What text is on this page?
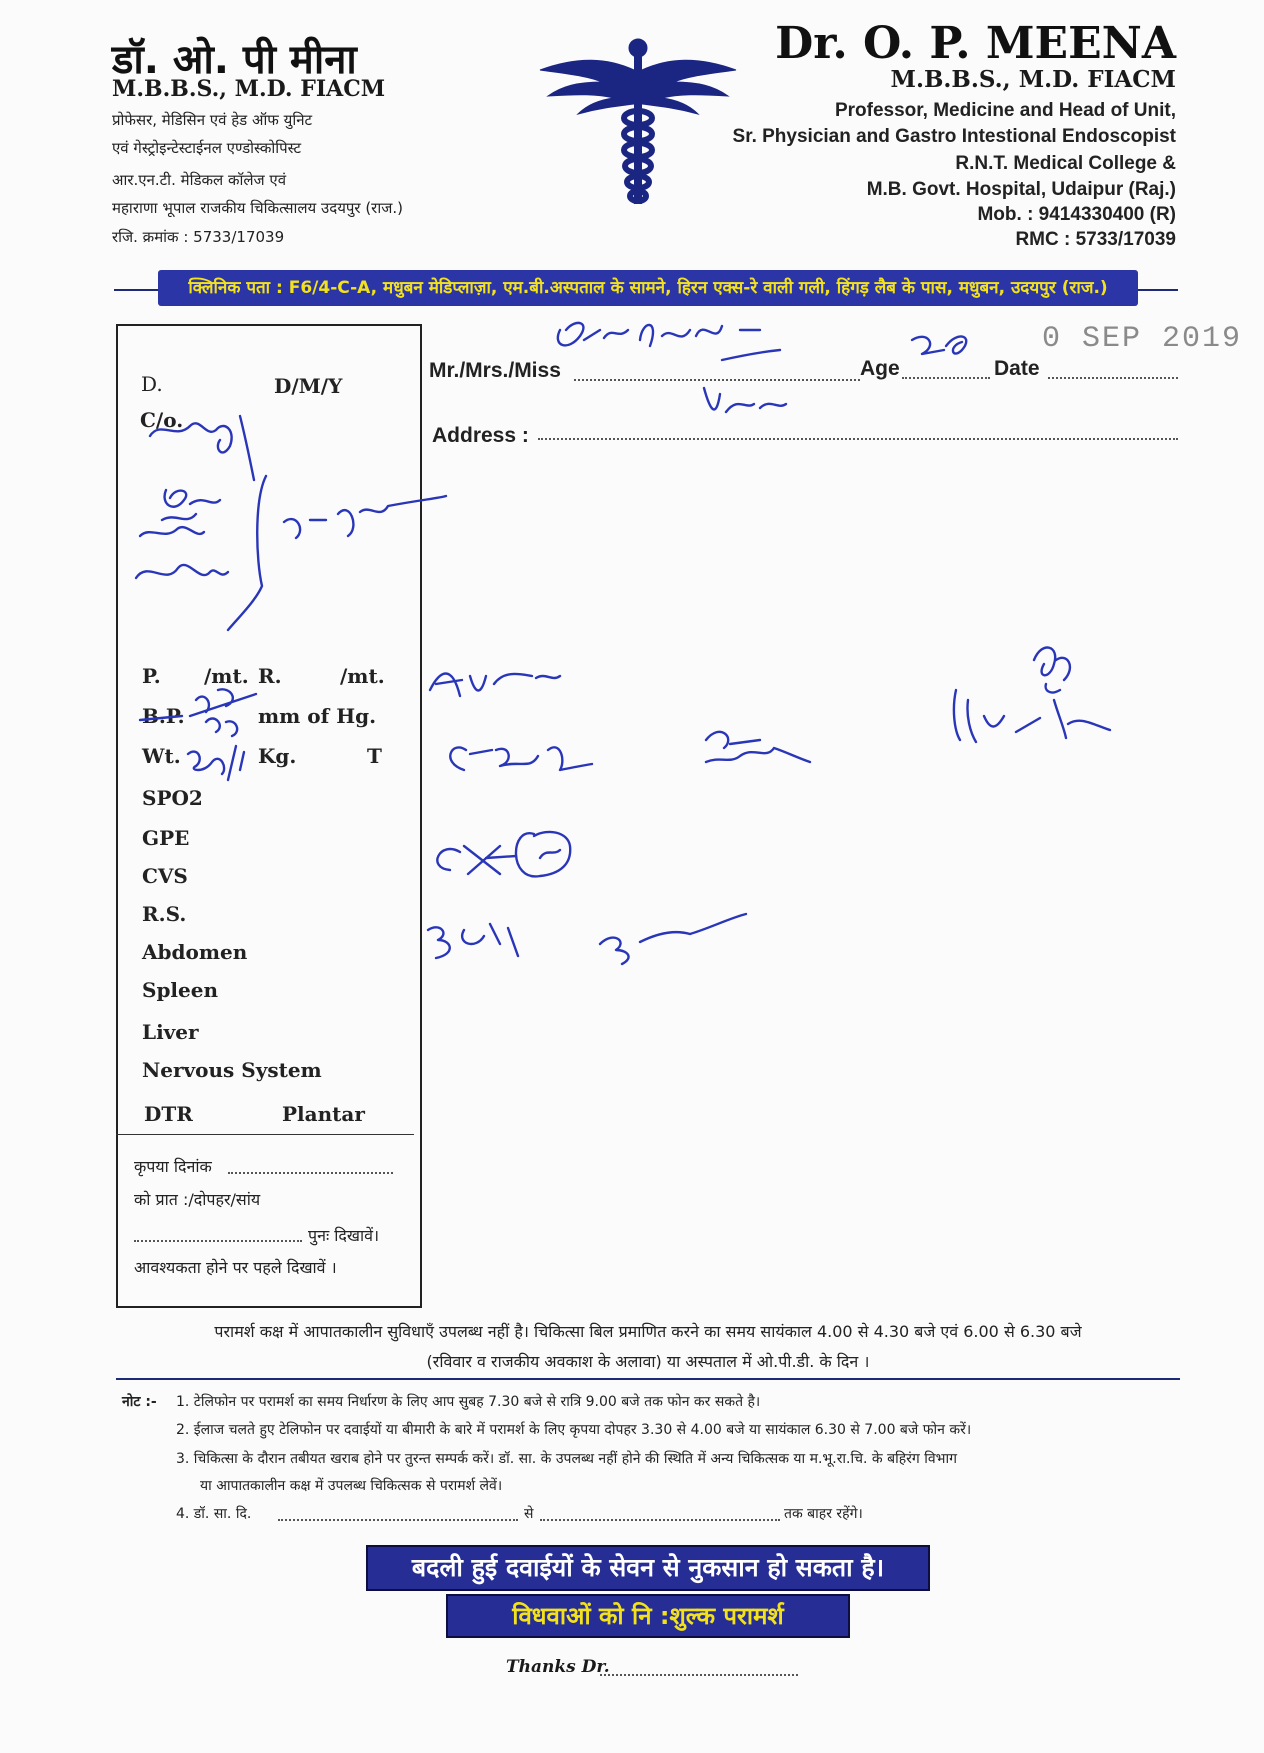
डॉ. ओ. पी मीना
M.B.B.S., M.D. FIACM
प्रोफेसर, मेडिसिन एवं हेड ऑफ युनिट
एवं गेस्ट्रोइन्टेस्टाईनल एण्डोस्कोपिस्ट
आर.एन.टी. मेडिकल कॉलेज एवं
महाराणा भूपाल राजकीय चिकित्सालय उदयपुर (राज.)
रजि. क्रमांक : 5733/17039
Dr. O. P. MEENA
M.B.B.S., M.D. FIACM
Professor, Medicine and Head of Unit,
Sr. Physician and Gastro Intestional Endoscopist
R.N.T. Medical College &
M.B. Govt. Hospital, Udaipur (Raj.)
Mob. : 9414330400 (R)
RMC : 5733/17039
क्लिनिक पता : F6/4-C-A, मधुबन मेडिप्लाज़ा, एम.बी.अस्पताल के सामने, हिरन एक्स-रे वाली गली, हिंगड़ लैब के पास, मधुबन, उदयपुर (राज.)
D.	D/M/Y
C/o.
P. /mt. R.	/mt.
B.P.	mm of Hg.
Wt.	Kg.	T
SPO2
GPE
CVS
R.S.
Abdomen
Spleen
Liver
Nervous System
DTR	Plantar
कृपया दिनांक
को प्रात :/दोपहर/सांय
पुनः दिखावें।
आवश्यकता होने पर पहले दिखावें ।
Mr./Mrs./Miss	Age	Date
0 SEP 2019
Address :
परामर्श कक्ष में आपातकालीन सुविधाएँ उपलब्ध नहीं है। चिकित्सा बिल प्रमाणित करने का समय सायंकाल 4.00 से 4.30 बजे एवं 6.00 से 6.30 बजे
(रविवार व राजकीय अवकाश के अलावा) या अस्पताल में ओ.पी.डी. के दिन ।
नोट :- 1. टेलिफोन पर परामर्श का समय निर्धारण के लिए आप सुबह 7.30 बजे से रात्रि 9.00 बजे तक फोन कर सकते है।
2. ईलाज चलते हुए टेलिफोन पर दवाईयों या बीमारी के बारे में परामर्श के लिए कृपया दोपहर 3.30 से 4.00 बजे या सायंकाल 6.30 से 7.00 बजे फोन करें।
3. चिकित्सा के दौरान तबीयत खराब होने पर तुरन्त सम्पर्क करें। डॉ. सा. के उपलब्ध नहीं होने की स्थिति में अन्य चिकित्सक या म.भू.रा.चि. के बहिरंग विभाग
या आपातकालीन कक्ष में उपलब्ध चिकित्सक से परामर्श लेवें।
4. डॉ. सा. दि.	से	तक बाहर रहेंगे।
बदली हुई दवाईयों के सेवन से नुकसान हो सकता है।
विधवाओं को नि :शुल्क परामर्श
Thanks Dr.
